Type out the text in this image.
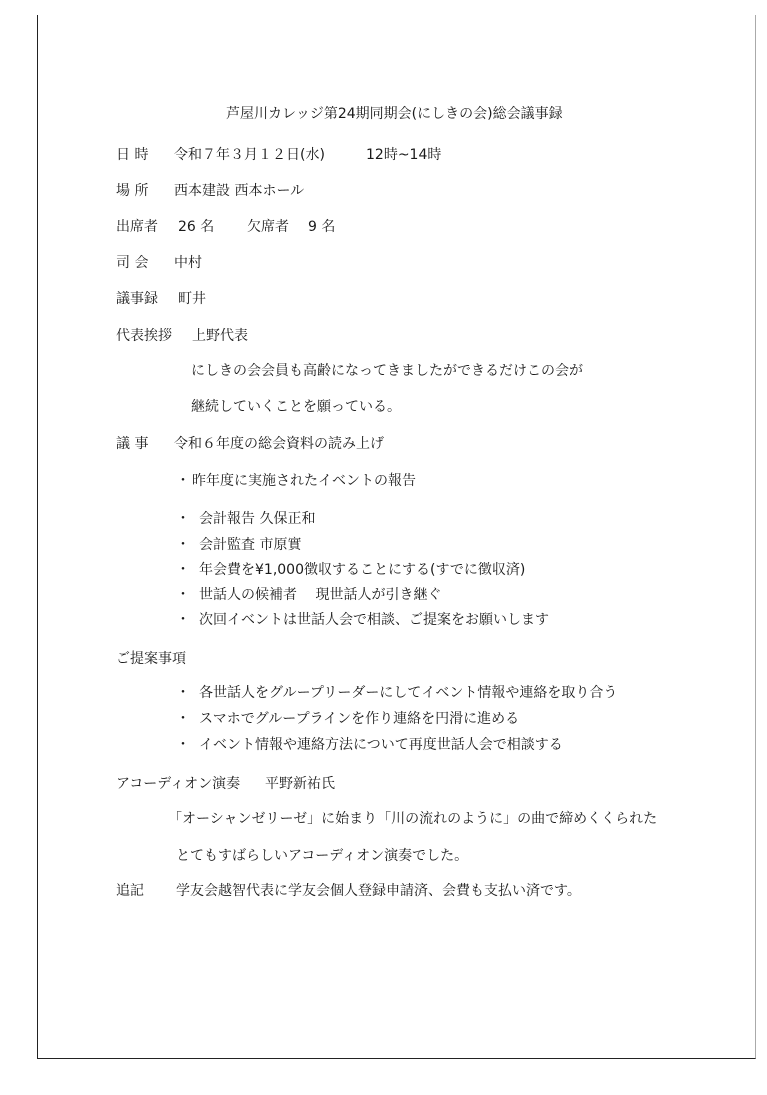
芦屋川カレッジ第24期同期会(にしきの会)総会議事録
日 時 令和７年３月１２日(水)	12時~14時
場 所 西本建設 西本ホール
出席者 26 名 欠席者 9 名
司 会 中村
議事録 町井
代表挨拶 上野代表
にしきの会会員も高齢になってきましたができるだけこの会が
継続していくことを願っている。
議 事 令和６年度の総会資料の読み上げ
・ 昨年度に実施されたイベントの報告
・ 会計報告 久保正和
・ 会計監査 市原實
・ 年会費を¥1,000徴収することにする(すでに徴収済)
・ 世話人の候補者　 現世話人が引き継ぐ
・ 次回イベントは世話人会で相談、ご提案をお願いします
ご提案事項
・ 各世話人をグループリーダーにしてイベント情報や連絡を取り合う
・ スマホでグループラインを作り連絡を円滑に進める
・ イベント情報や連絡方法について再度世話人会で相談する
アコーディオン演奏 平野新祐氏
「オーシャンゼリーゼ」に始まり「川の流れのように」の曲で締めくくられた
とてもすばらしいアコーディオン演奏でした。
追記 学友会越智代表に学友会個人登録申請済、会費も支払い済です。
